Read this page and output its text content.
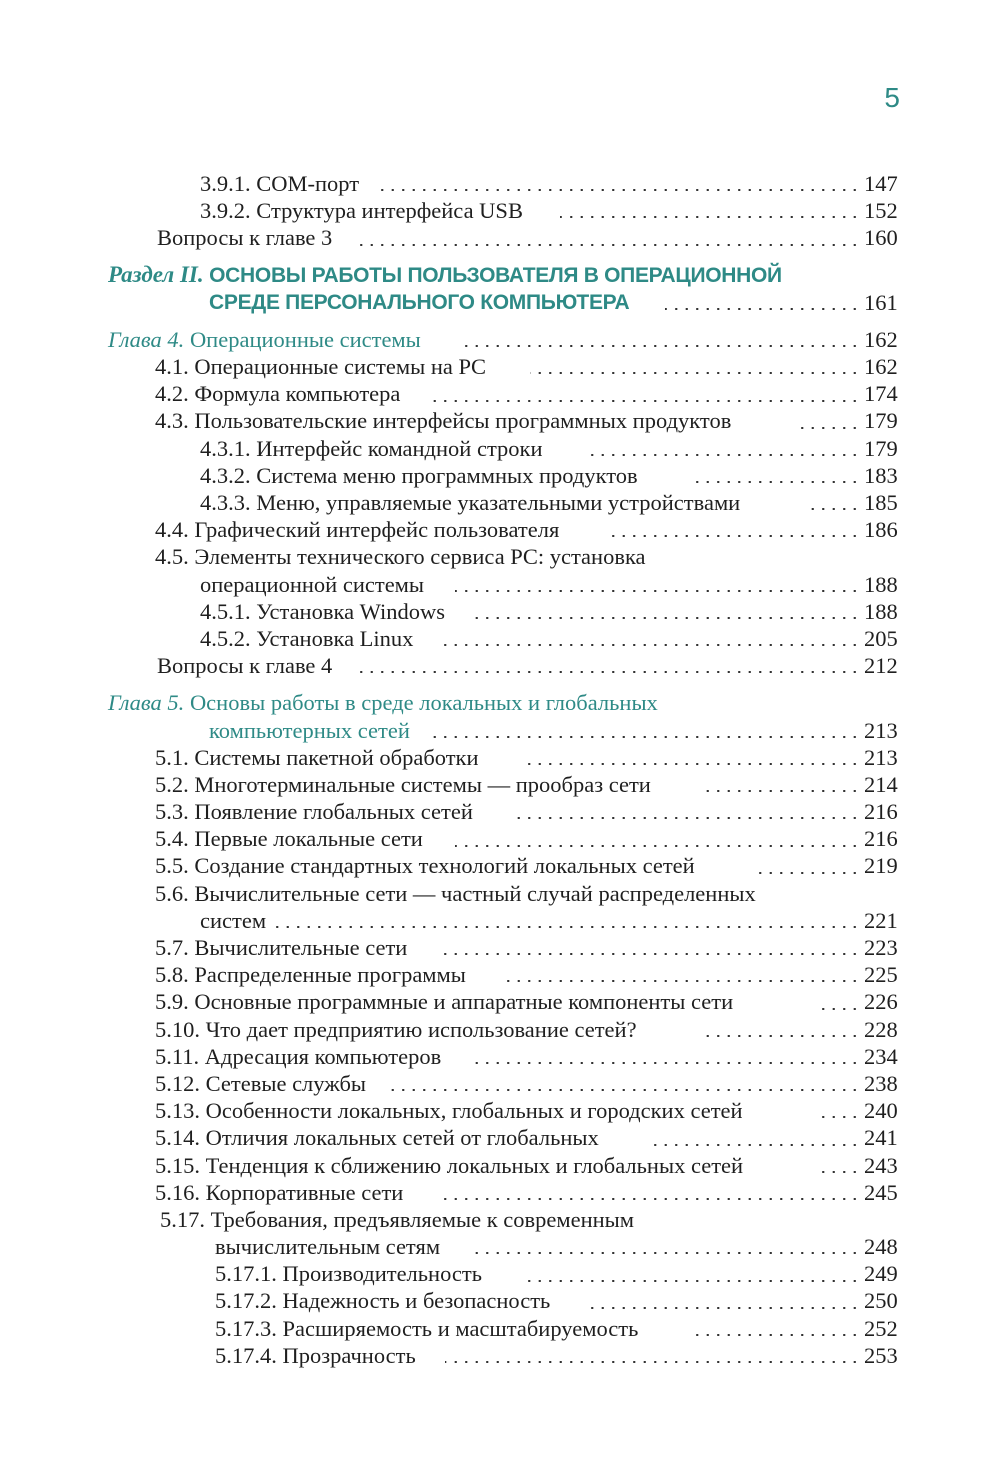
5
3.9.1. СОМ-порт	147
3.9.2. Структура интерфейса USB	152
Вопросы к главе 3	160
Раздел II. ОСНОВЫ РАБОТЫ ПОЛЬЗОВАТЕЛЯ В ОПЕРАЦИОННОЙ
СРЕДЕ ПЕРСОНАЛЬНОГО КОМПЬЮТЕРА	161
Глава 4. Операционные системы	162
4.1. Операционные системы на PC	162
4.2. Формула компьютера	174
4.3. Пользовательские интерфейсы программных продуктов	179
4.3.1. Интерфейс командной строки	179
4.3.2. Система меню программных продуктов	183
4.3.3. Меню, управляемые указательными устройствами	185
4.4. Графический интерфейс пользователя	186
4.5. Элементы технического сервиса PC: установка
операционной системы	188
4.5.1. Установка Windows	188
4.5.2. Установка Linux	205
Вопросы к главе 4	212
Глава 5. Основы работы в среде локальных и глобальных
компьютерных сетей	213
5.1. Системы пакетной обработки	213
5.2. Многотерминальные системы — прообраз сети	214
5.3. Появление глобальных сетей	216
5.4. Первые локальные сети	216
5.5. Создание стандартных технологий локальных сетей	219
5.6. Вычислительные сети — частный случай распределенных
систем	221
5.7. Вычислительные сети	223
5.8. Распределенные программы	225
5.9. Основные программные и аппаратные компоненты сети	226
5.10. Что дает предприятию использование сетей?	228
5.11. Адресация компьютеров	234
5.12. Сетевые службы	238
5.13. Особенности локальных, глобальных и городских сетей	240
5.14. Отличия локальных сетей от глобальных	241
5.15. Тенденция к сближению локальных и глобальных сетей	243
5.16. Корпоративные сети	245
5.17. Требования, предъявляемые к современным
вычислительным сетям	248
5.17.1. Производительность	249
5.17.2. Надежность и безопасность	250
5.17.3. Расширяемость и масштабируемость	252
5.17.4. Прозрачность	253
